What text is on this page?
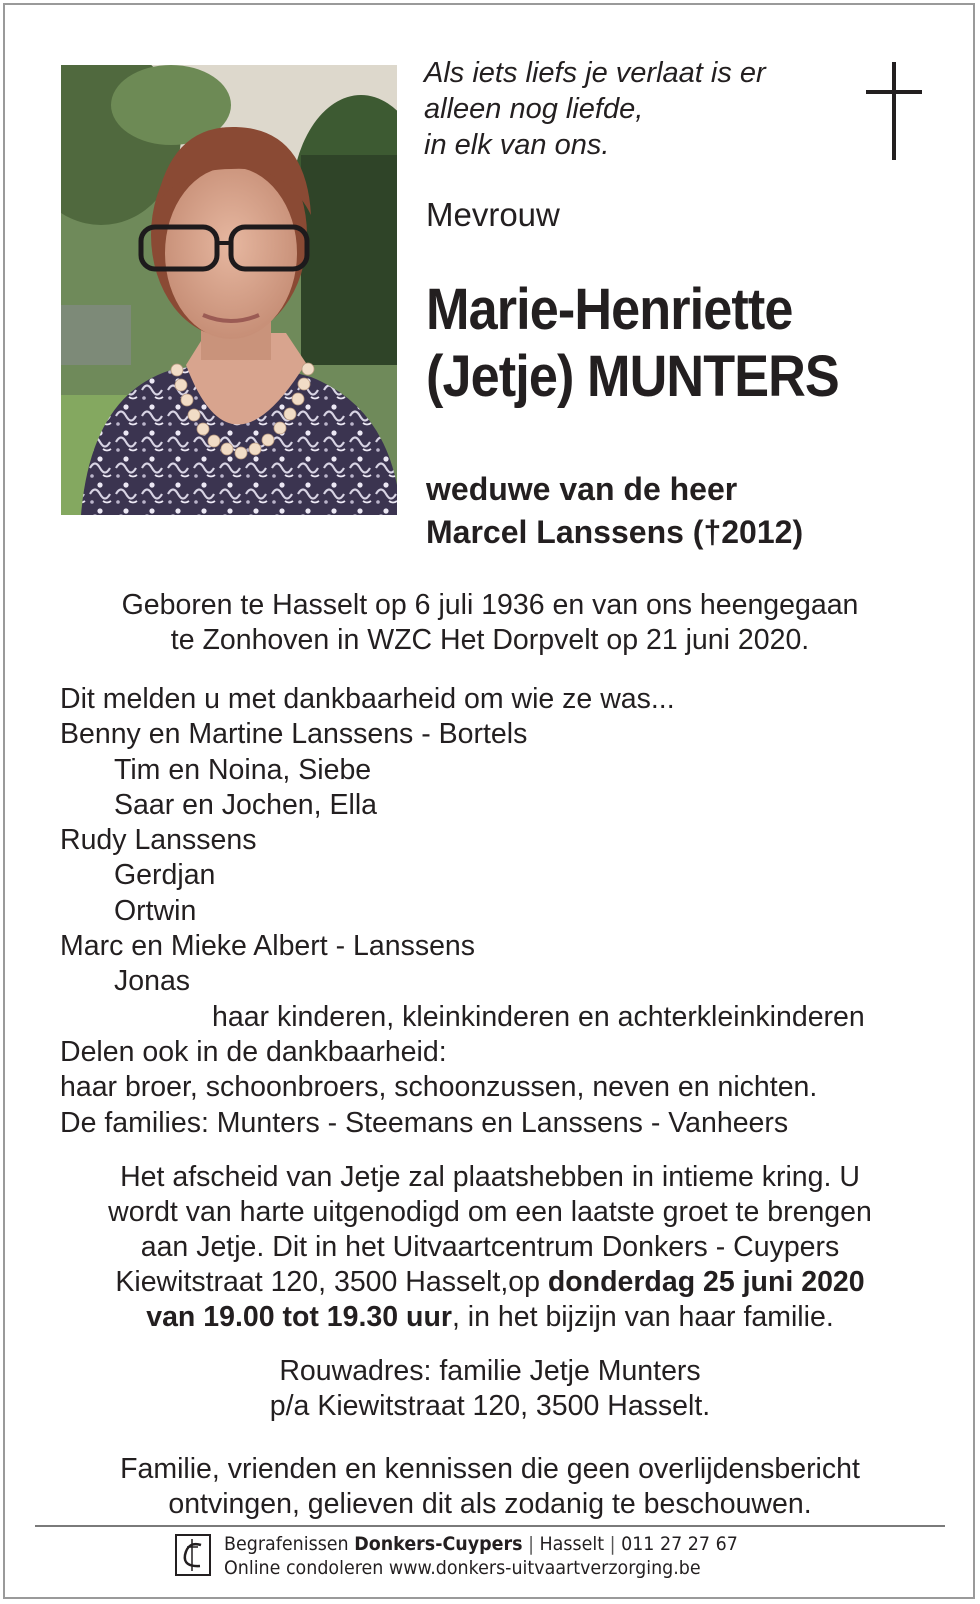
Als iets liefs je verlaat is er
alleen nog liefde,
in elk van ons.
Mevrouw
Marie-Henriette
(Jetje) MUNTERS
weduwe van de heer
Marcel Lanssens (†2012)
Geboren te Hasselt op 6 juli 1936 en van ons heengegaan
te Zonhoven in WZC Het Dorpvelt op 21 juni 2020.
Dit melden u met dankbaarheid om wie ze was...
Benny en Martine Lanssens - Bortels
Tim en Noina, Siebe
Saar en Jochen, Ella
Rudy Lanssens
Gerdjan
Ortwin
Marc en Mieke Albert - Lanssens
Jonas
haar kinderen, kleinkinderen en achterkleinkinderen
Delen ook in de dankbaarheid:
haar broer, schoonbroers, schoonzussen, neven en nichten.
De families: Munters - Steemans en Lanssens - Vanheers
Het afscheid van Jetje zal plaatshebben in intieme kring. U
wordt van harte uitgenodigd om een laatste groet te brengen
aan Jetje. Dit in het Uitvaartcentrum Donkers - Cuypers
Kiewitstraat 120, 3500 Hasselt,op donderdag 25 juni 2020
van 19.00 tot 19.30 uur, in het bijzijn van haar familie.
Rouwadres: familie Jetje Munters
p/a Kiewitstraat 120, 3500 Hasselt.
Familie, vrienden en kennissen die geen overlijdensbericht
ontvingen, gelieven dit als zodanig te beschouwen.
Begrafenissen Donkers-Cuypers | Hasselt | 011 27 27 67
Online condoleren www.donkers-uitvaartverzorging.be
